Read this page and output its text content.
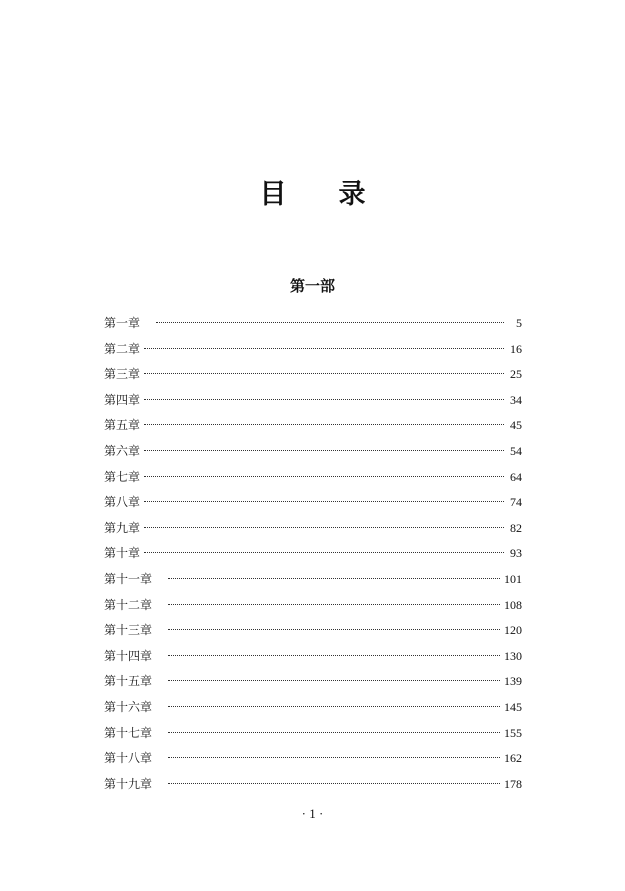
目 录
第一部
第一章	5
第二章	16
第三章	25
第四章	34
第五章	45
第六章	54
第七章	64
第八章	74
第九章	82
第十章	93
第十一章	101
第十二章	108
第十三章	120
第十四章	130
第十五章	139
第十六章	145
第十七章	155
第十八章	162
第十九章	178
· 1 ·
